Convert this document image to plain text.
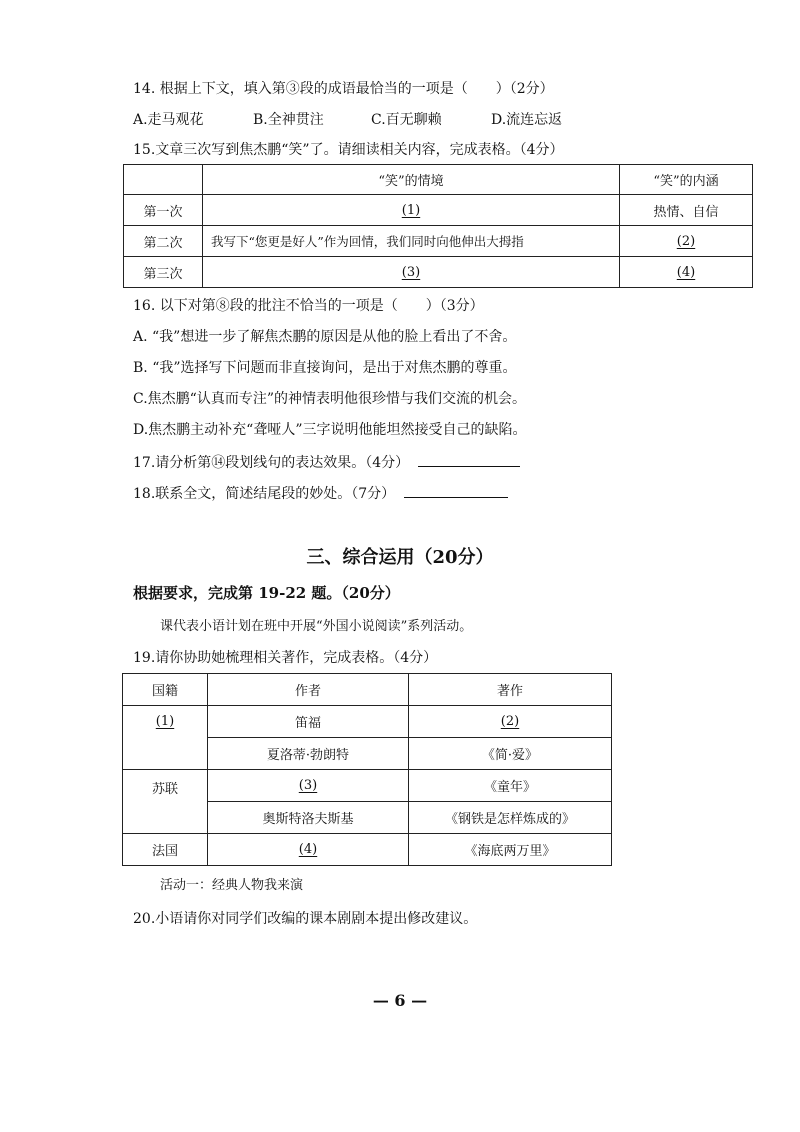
14. 根据上下文，填入第③段的成语最恰当的一项是（　　）（2分）
A.走马观花	B.全神贯注	C.百无聊赖	D.流连忘返
15.文章三次写到焦杰鹏“笑”了。请细读相关内容，完成表格。（4分）
	“笑”的情境	“笑”的内涵
第一次	(1)	热情、自信
第二次	我写下“您更是好人”作为回情，我们同时向他伸出大拇指	(2)
第三次	(3)	(4)
16. 以下对第⑧段的批注不恰当的一项是（　　）（3分）
A. “我”想进一步了解焦杰鹏的原因是从他的脸上看出了不舍。
B. “我”选择写下问题而非直接询问，是出于对焦杰鹏的尊重。
C.焦杰鹏“认真而专注”的神情表明他很珍惜与我们交流的机会。
D.焦杰鹏主动补充“聋哑人”三字说明他能坦然接受自己的缺陷。
17.请分析第⑭段划线句的表达效果。（4分）
18.联系全文，简述结尾段的妙处。（7分）
三、综合运用（20分）
根据要求，完成第 19-22 题。（20分）
课代表小语计划在班中开展“外国小说阅读”系列活动。
19.请你协助她梳理相关著作，完成表格。（4分）
国籍	作者	著作
(1)	笛福	(2)
	夏洛蒂·勃朗特	《简·爱》
苏联	(3)	《童年》
	奥斯特洛夫斯基	《钢铁是怎样炼成的》
法国	(4)	《海底两万里》
活动一：经典人物我来演
20.小语请你对同学们改编的课本剧剧本提出修改建议。
— 6 —
